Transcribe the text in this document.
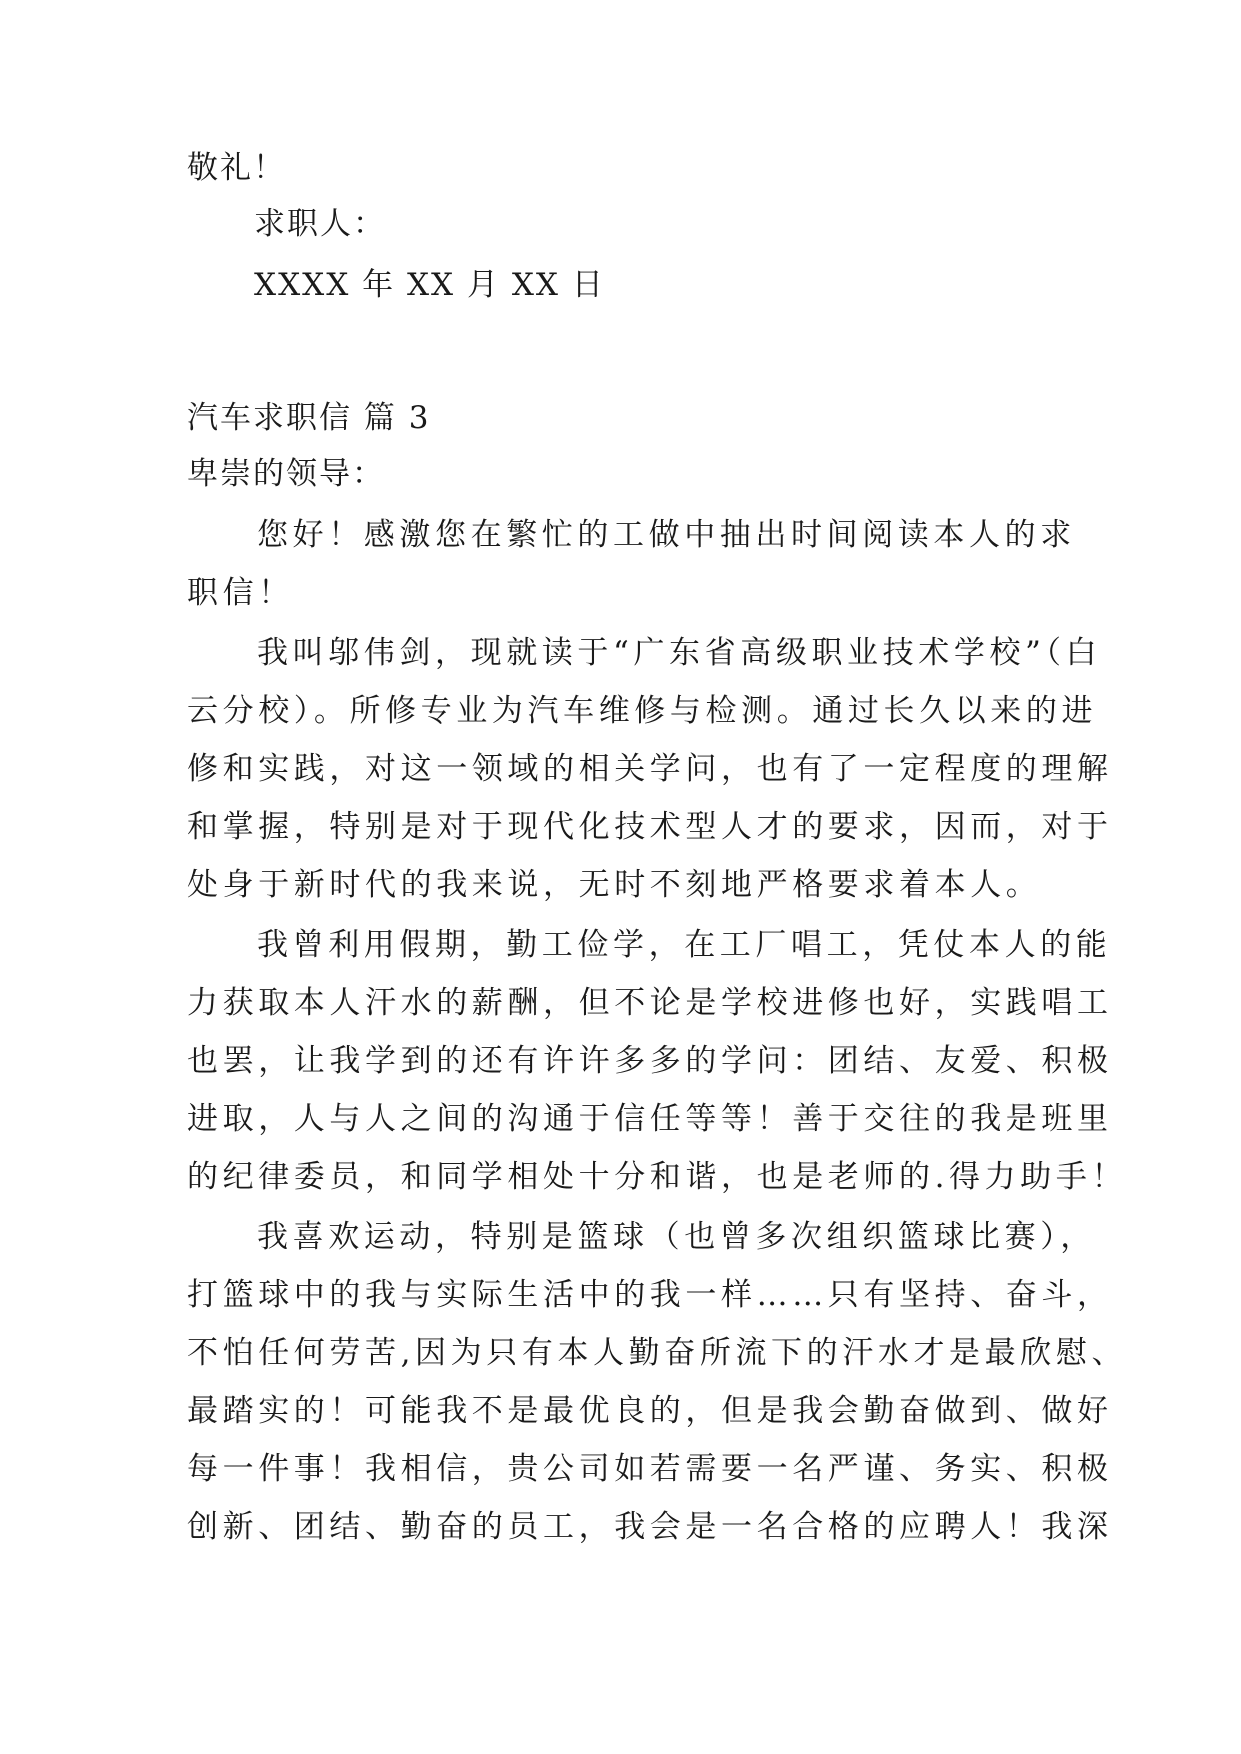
敬礼！

求职人：

XXXX 年 XX 月 XX 日

汽车求职信 篇 3

卑崇的领导：

您好！感激您在繁忙的工做中抽出时间阅读本人的求

职信！

我叫邬伟剑，现就读于“广东省高级职业技术学校”（白

云分校）。所修专业为汽车维修与检测。通过长久以来的进

修和实践，对这一领域的相关学问，也有了一定程度的理解

和掌握，特别是对于现代化技术型人才的要求，因而，对于

处身于新时代的我来说，无时不刻地严格要求着本人。

我曾利用假期，勤工俭学，在工厂唱工，凭仗本人的能

力获取本人汗水的薪酬，但不论是学校进修也好，实践唱工

也罢，让我学到的还有许许多多的学问：团结、友爱、积极

进取，人与人之间的沟通于信任等等！善于交往的我是班里

的纪律委员，和同学相处十分和谐，也是老师的.得力助手！

我喜欢运动，特别是篮球（也曾多次组织篮球比赛），

打篮球中的我与实际生活中的我一样……只有坚持、奋斗，

不怕任何劳苦,因为只有本人勤奋所流下的汗水才是最欣慰、

最踏实的！可能我不是最优良的，但是我会勤奋做到、做好

每一件事！我相信，贵公司如若需要一名严谨、务实、积极

创新、团结、勤奋的员工，我会是一名合格的应聘人！我深
